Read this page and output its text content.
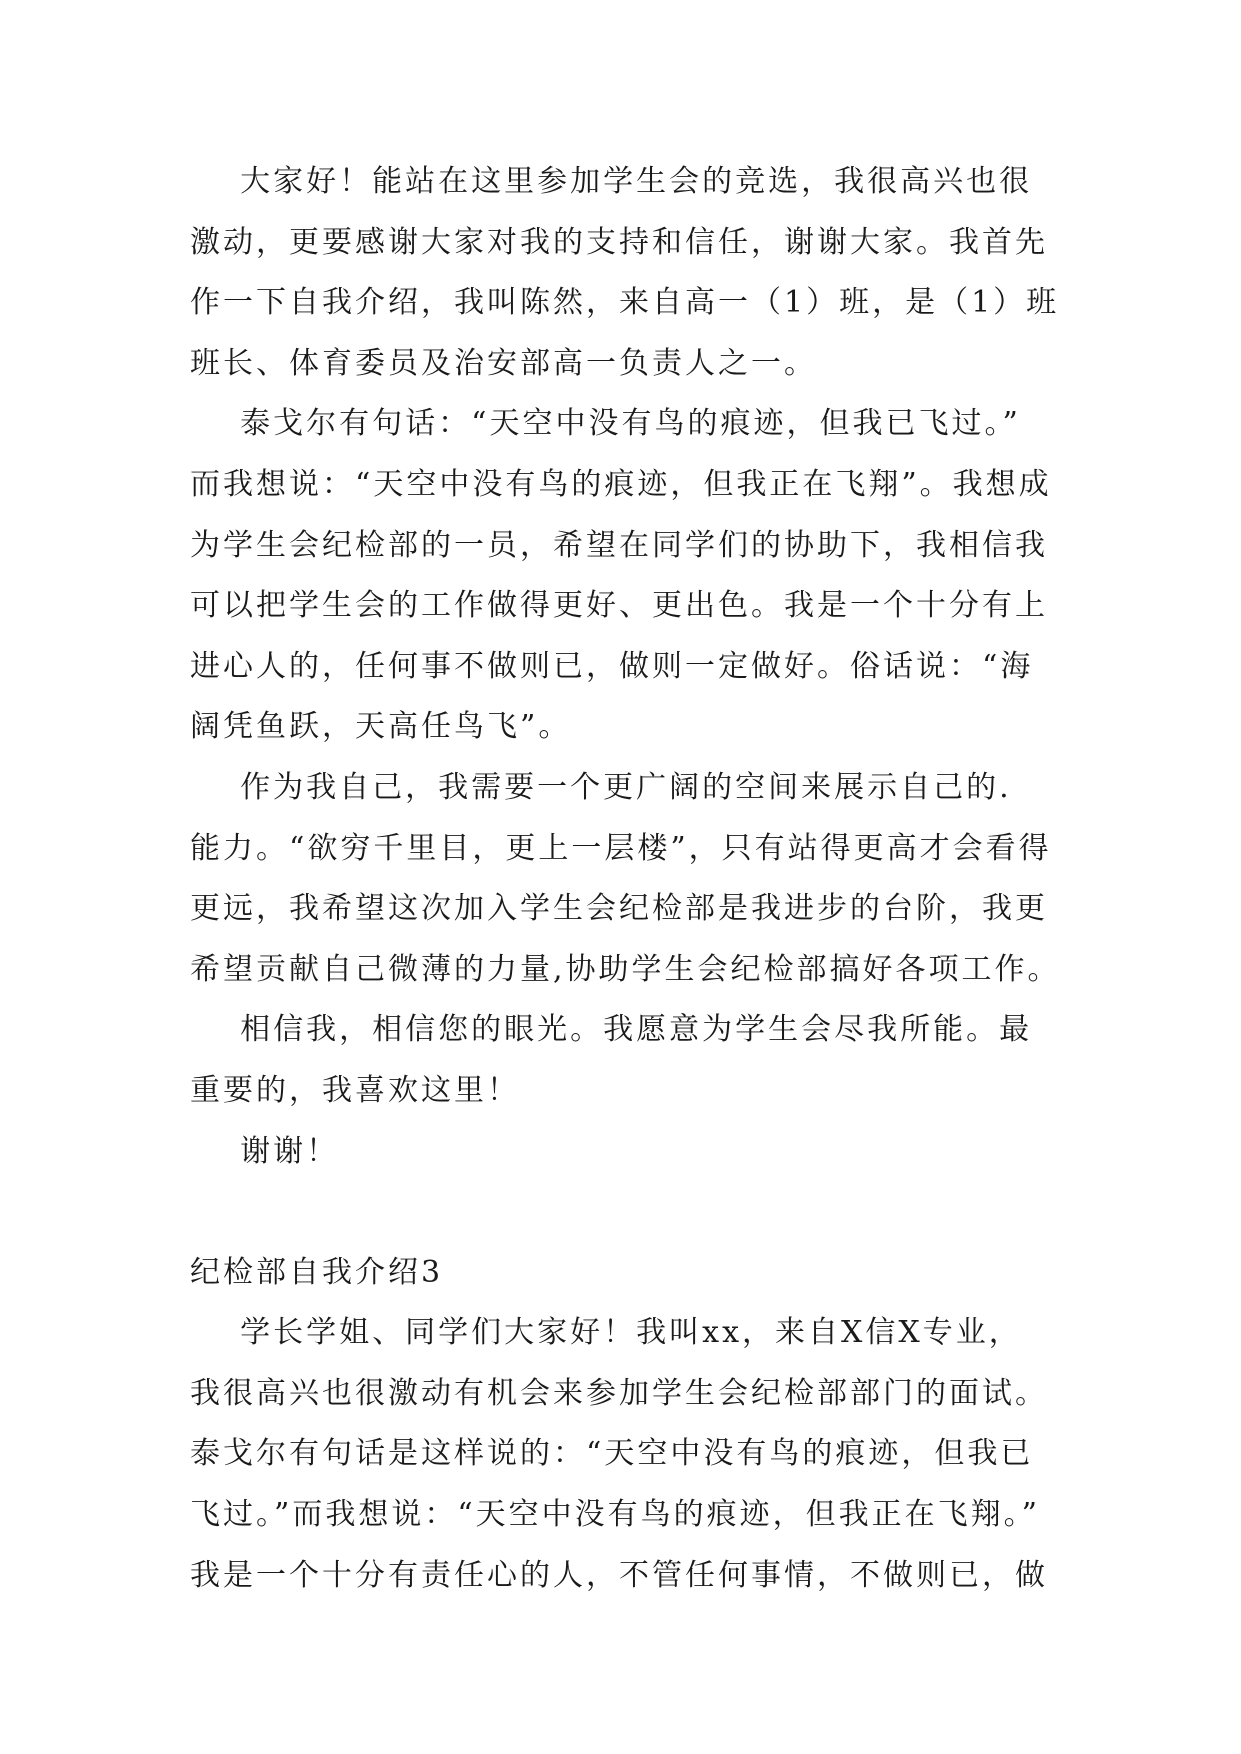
大家好！能站在这里参加学生会的竞选，我很高兴也很
激动，更要感谢大家对我的支持和信任，谢谢大家。我首先
作一下自我介绍，我叫陈然，来自高一（1）班，是（1）班
班长、体育委员及治安部高一负责人之一。
泰戈尔有句话：“天空中没有鸟的痕迹，但我已飞过。”
而我想说：“天空中没有鸟的痕迹，但我正在飞翔”。我想成
为学生会纪检部的一员，希望在同学们的协助下，我相信我
可以把学生会的工作做得更好、更出色。我是一个十分有上
进心人的，任何事不做则已，做则一定做好。俗话说：“海
阔凭鱼跃，天高任鸟飞”。
作为我自己，我需要一个更广阔的空间来展示自己的.
能力。“欲穷千里目，更上一层楼”，只有站得更高才会看得
更远，我希望这次加入学生会纪检部是我进步的台阶，我更
希望贡献自己微薄的力量,协助学生会纪检部搞好各项工作。
相信我，相信您的眼光。我愿意为学生会尽我所能。最
重要的，我喜欢这里！
谢谢！
纪检部自我介绍3
学长学姐、同学们大家好！我叫xx，来自X信X专业，
我很高兴也很激动有机会来参加学生会纪检部部门的面试。
泰戈尔有句话是这样说的：“天空中没有鸟的痕迹，但我已
飞过。”而我想说：“天空中没有鸟的痕迹，但我正在飞翔。”
我是一个十分有责任心的人，不管任何事情，不做则已，做
